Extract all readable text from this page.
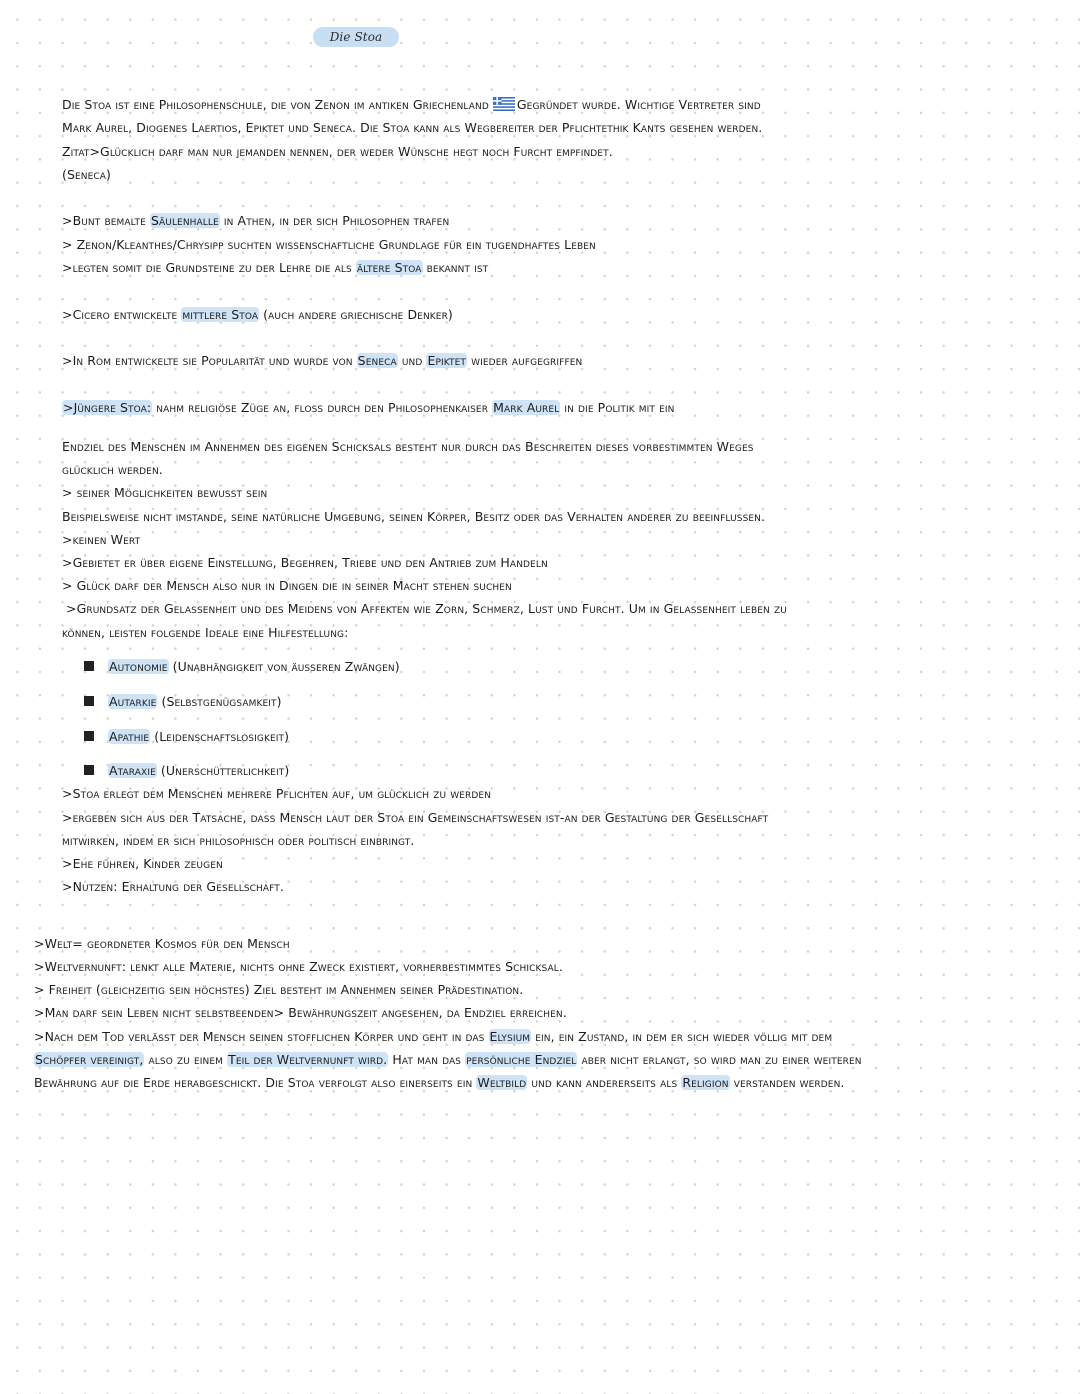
Die Stoa
Die Stoa ist eine Philosophenschule, die von Zenon im antiken Griechenland Gegründet wurde. Wichtige Vertreter sind
Mark Aurel, Diogenes Laertios, Epiktet und Seneca. Die Stoa kann als Wegbereiter der Pflichtethik Kants gesehen werden.
Zitat>Glücklich darf man nur jemanden nennen, der weder Wünsche hegt noch Furcht empfindet.
(Seneca)
>Bunt bemalte Säulenhalle in Athen, in der sich Philosophen trafen
> Zenon/Kleanthes/Chrysipp suchten wissenschaftliche Grundlage für ein tugendhaftes Leben
>legten somit die Grundsteine zu der Lehre die als ältere Stoa bekannt ist
>Cicero entwickelte mittlere Stoa (auch andere griechische Denker)
>In Rom entwickelte sie Popularität und wurde von Seneca und Epiktet wieder aufgegriffen
>Jüngere Stoa: nahm religiöse Züge an, floss durch den Philosophenkaiser Mark Aurel in die Politik mit ein
Endziel des Menschen im Annehmen des eigenen Schicksals besteht nur durch das Beschreiten dieses vorbestimmten Weges
glücklich werden.
> seiner Möglichkeiten bewusst sein
Beispielsweise nicht imstande, seine natürliche Umgebung, seinen Körper, Besitz oder das Verhalten anderer zu beeinflussen.
>keinen Wert
>Gebietet er über eigene Einstellung, Begehren, Triebe und den Antrieb zum Handeln
> Glück darf der Mensch also nur in Dingen die in seiner Macht stehen suchen
>Grundsatz der Gelassenheit und des Meidens von Affekten wie Zorn, Schmerz, Lust und Furcht. Um in Gelassenheit leben zu
können, leisten folgende Ideale eine Hilfestellung:
Autonomie (Unabhängigkeit von äußeren Zwängen)
Autarkie (Selbstgenügsamkeit)
Apathie (Leidenschaftslosigkeit)
Ataraxie (Unerschütterlichkeit)
>Stoa erlegt dem Menschen mehrere Pflichten auf, um glücklich zu werden
>ergeben sich aus der Tatsache, dass Mensch laut der Stoa ein Gemeinschaftswesen ist-an der Gestaltung der Gesellschaft
mitwirken, indem er sich philosophisch oder politisch einbringt.
>Ehe führen, Kinder zeugen
>Nutzen: Erhaltung der Gesellschaft.
>Welt= geordneter Kosmos für den Mensch
>Weltvernunft: lenkt alle Materie, nichts ohne Zweck existiert, vorherbestimmtes Schicksal.
> Freiheit (gleichzeitig sein höchstes) Ziel besteht im Annehmen seiner Prädestination.
>Man darf sein Leben nicht selbstbeenden> Bewährungszeit angesehen, da Endziel erreichen.
>Nach dem Tod verlässt der Mensch seinen stofflichen Körper und geht in das Elysium ein, ein Zustand, in dem er sich wieder völlig mit dem
Schöpfer vereinigt, also zu einem Teil der Weltvernunft wird. Hat man das persönliche Endziel aber nicht erlangt, so wird man zu einer weiteren
Bewährung auf die Erde herabgeschickt. Die Stoa verfolgt also einerseits ein Weltbild und kann andererseits als Religion verstanden werden.
